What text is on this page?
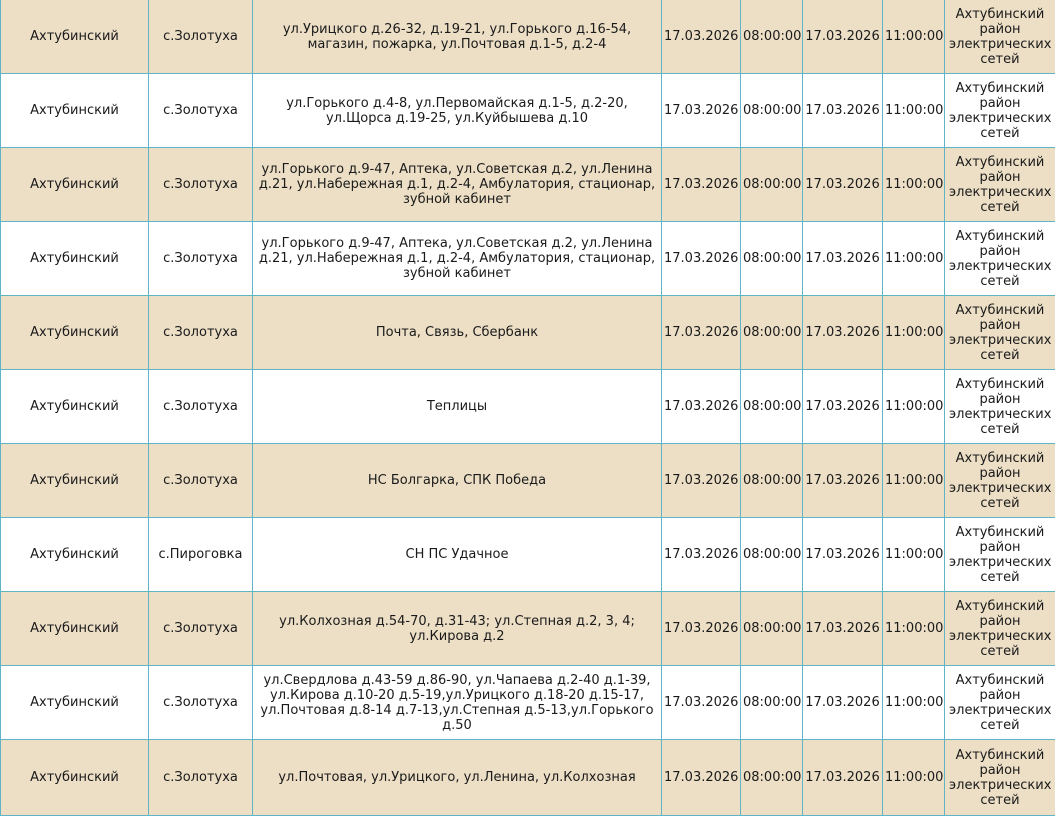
Ахтубинский	с.Золотуха	ул.Урицкого д.26-32, д.19-21, ул.Горького д.16-54, магазин, пожарка, ул.Почтовая д.1-5, д.2-4	17.03.2026	08:00:00	17.03.2026	11:00:00	Ахтубинский район электрических сетей
Ахтубинский	с.Золотуха	ул.Горького д.4-8, ул.Первомайская д.1-5, д.2-20, ул.Щорса д.19-25, ул.Куйбышева д.10	17.03.2026	08:00:00	17.03.2026	11:00:00	Ахтубинский район электрических сетей
Ахтубинский	с.Золотуха	ул.Горького д.9-47, Аптека, ул.Советская д.2, ул.Ленина д.21, ул.Набережная д.1, д.2-4, Амбулатория, стационар, зубной кабинет	17.03.2026	08:00:00	17.03.2026	11:00:00	Ахтубинский район электрических сетей
Ахтубинский	с.Золотуха	ул.Горького д.9-47, Аптека, ул.Советская д.2, ул.Ленина д.21, ул.Набережная д.1, д.2-4, Амбулатория, стационар, зубной кабинет	17.03.2026	08:00:00	17.03.2026	11:00:00	Ахтубинский район электрических сетей
Ахтубинский	с.Золотуха	Почта, Связь, Сбербанк	17.03.2026	08:00:00	17.03.2026	11:00:00	Ахтубинский район электрических сетей
Ахтубинский	с.Золотуха	Теплицы	17.03.2026	08:00:00	17.03.2026	11:00:00	Ахтубинский район электрических сетей
Ахтубинский	с.Золотуха	НС Болгарка, СПК Победа	17.03.2026	08:00:00	17.03.2026	11:00:00	Ахтубинский район электрических сетей
Ахтубинский	с.Пироговка	СН ПС Удачное	17.03.2026	08:00:00	17.03.2026	11:00:00	Ахтубинский район электрических сетей
Ахтубинский	с.Золотуха	ул.Колхозная д.54-70, д.31-43; ул.Степная д.2, 3, 4; ул.Кирова д.2	17.03.2026	08:00:00	17.03.2026	11:00:00	Ахтубинский район электрических сетей
Ахтубинский	с.Золотуха	ул.Свердлова д.43-59 д.86-90, ул.Чапаева д.2-40 д.1-39, ул.Кирова д.10-20 д.5-19,ул.Урицкого д.18-20 д.15-17, ул.Почтовая д.8-14 д.7-13,ул.Степная д.5-13,ул.Горького д.50	17.03.2026	08:00:00	17.03.2026	11:00:00	Ахтубинский район электрических сетей
Ахтубинский	с.Золотуха	ул.Почтовая, ул.Урицкого, ул.Ленина, ул.Колхозная	17.03.2026	08:00:00	17.03.2026	11:00:00	Ахтубинский район электрических сетей
